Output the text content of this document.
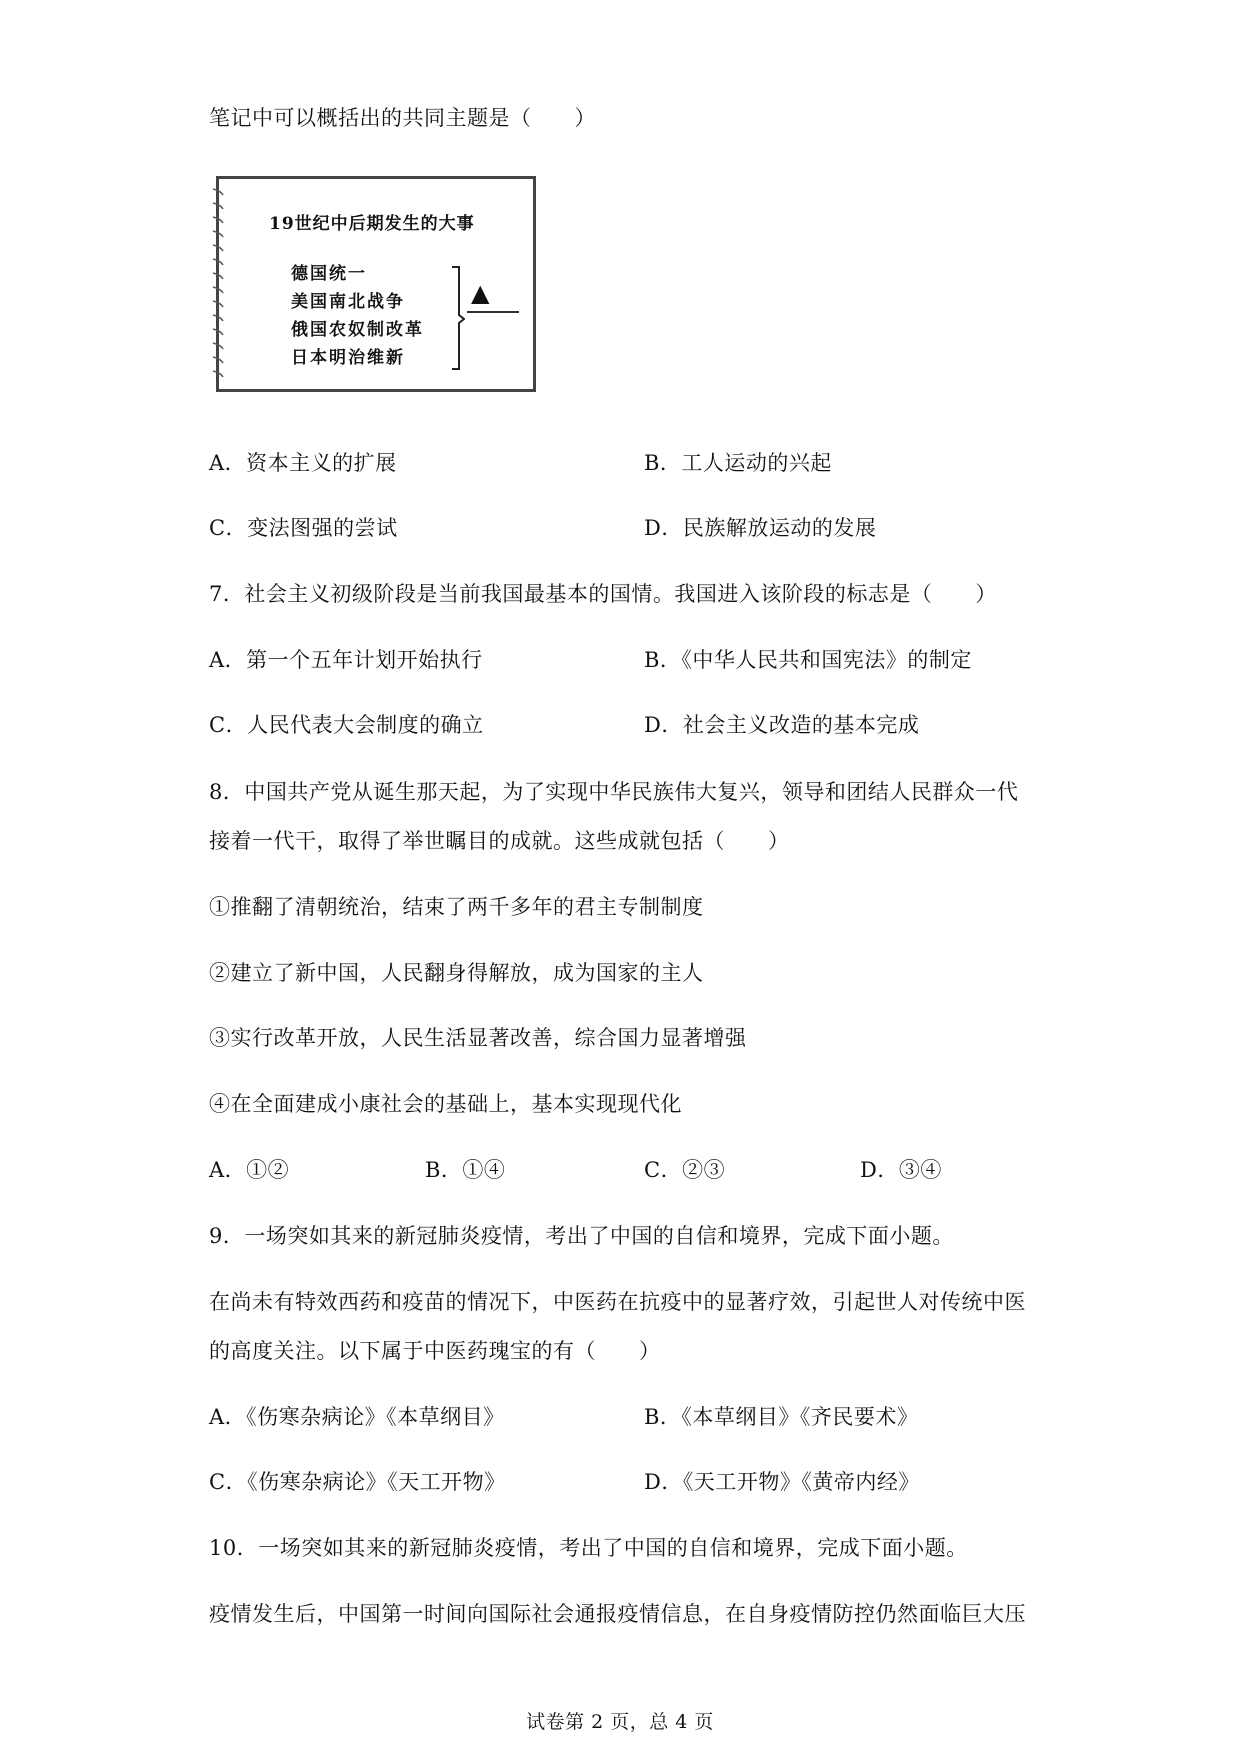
笔记中可以概括出的共同主题是（　　）
19世纪中后期发生的大事
德国统一
美国南北战争
俄国农奴制改革
日本明治维新
▲
A．资本主义的扩展	B．工人运动的兴起
C．变法图强的尝试	D．民族解放运动的发展
7．社会主义初级阶段是当前我国最基本的国情。我国进入该阶段的标志是（　　）
A．第一个五年计划开始执行	B．《中华人民共和国宪法》的制定
C．人民代表大会制度的确立	D．社会主义改造的基本完成
8．中国共产党从诞生那天起，为了实现中华民族伟大复兴，领导和团结人民群众一代
接着一代干，取得了举世瞩目的成就。这些成就包括（　　）
①推翻了清朝统治，结束了两千多年的君主专制制度
②建立了新中国，人民翻身得解放，成为国家的主人
③实行改革开放，人民生活显著改善，综合国力显著增强
④在全面建成小康社会的基础上，基本实现现代化
A．①②	B．①④	C．②③	D．③④
9．一场突如其来的新冠肺炎疫情，考出了中国的自信和境界，完成下面小题。
在尚未有特效西药和疫苗的情况下，中医药在抗疫中的显著疗效，引起世人对传统中医
的高度关注。以下属于中医药瑰宝的有（　　）
A．《伤寒杂病论》《本草纲目》	B．《本草纲目》《齐民要术》
C．《伤寒杂病论》《天工开物》	D．《天工开物》《黄帝内经》
10．一场突如其来的新冠肺炎疫情，考出了中国的自信和境界，完成下面小题。
疫情发生后，中国第一时间向国际社会通报疫情信息，在自身疫情防控仍然面临巨大压
试卷第 2 页，总 4 页
